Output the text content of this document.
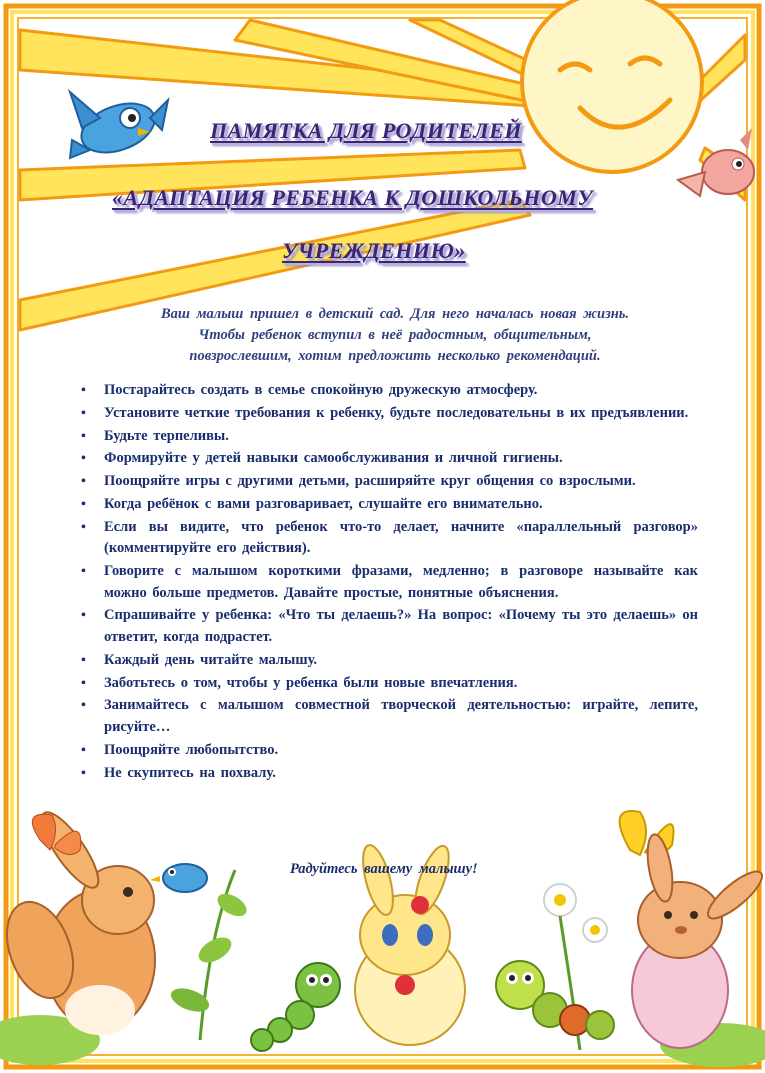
ПАМЯТКА ДЛЯ РОДИТЕЛЕЙ
«АДАПТАЦИЯ РЕБЕНКА К ДОШКОЛЬНОМУ
УЧРЕЖДЕНИЮ»
Ваш малыш пришел в детский сад. Для него началась новая жизнь.
Чтобы ребенок вступил в неё радостным, общительным,
повзрослевшим, хотим предложить несколько рекомендаций.
• Постарайтесь создать в семье спокойную дружескую атмосферу.
• Установите четкие требования к ребенку, будьте последовательны в их предъявлении.
• Будьте терпеливы.
• Формируйте у детей навыки самообслуживания и личной гигиены.
• Поощряйте игры с другими детьми, расширяйте круг общения со взрослыми.
• Когда ребёнок с вами разговаривает, слушайте его внимательно.
• Если вы видите, что ребенок что-то делает, начните «параллельный разговор» (комментируйте его действия).
• Говорите с малышом короткими фразами, медленно; в разговоре называйте как можно больше предметов. Давайте простые, понятные объяснения.
• Спрашивайте у ребенка: «Что ты делаешь?» На вопрос: «Почему ты это делаешь» он ответит, когда подрастет.
• Каждый день читайте малышу.
• Заботьтесь о том, чтобы у ребенка были новые впечатления.
• Занимайтесь с малышом совместной творческой деятельностью: играйте, лепите, рисуйте…
• Поощряйте любопытство.
• Не скупитесь на похвалу.
Радуйтесь вашему малышу!
